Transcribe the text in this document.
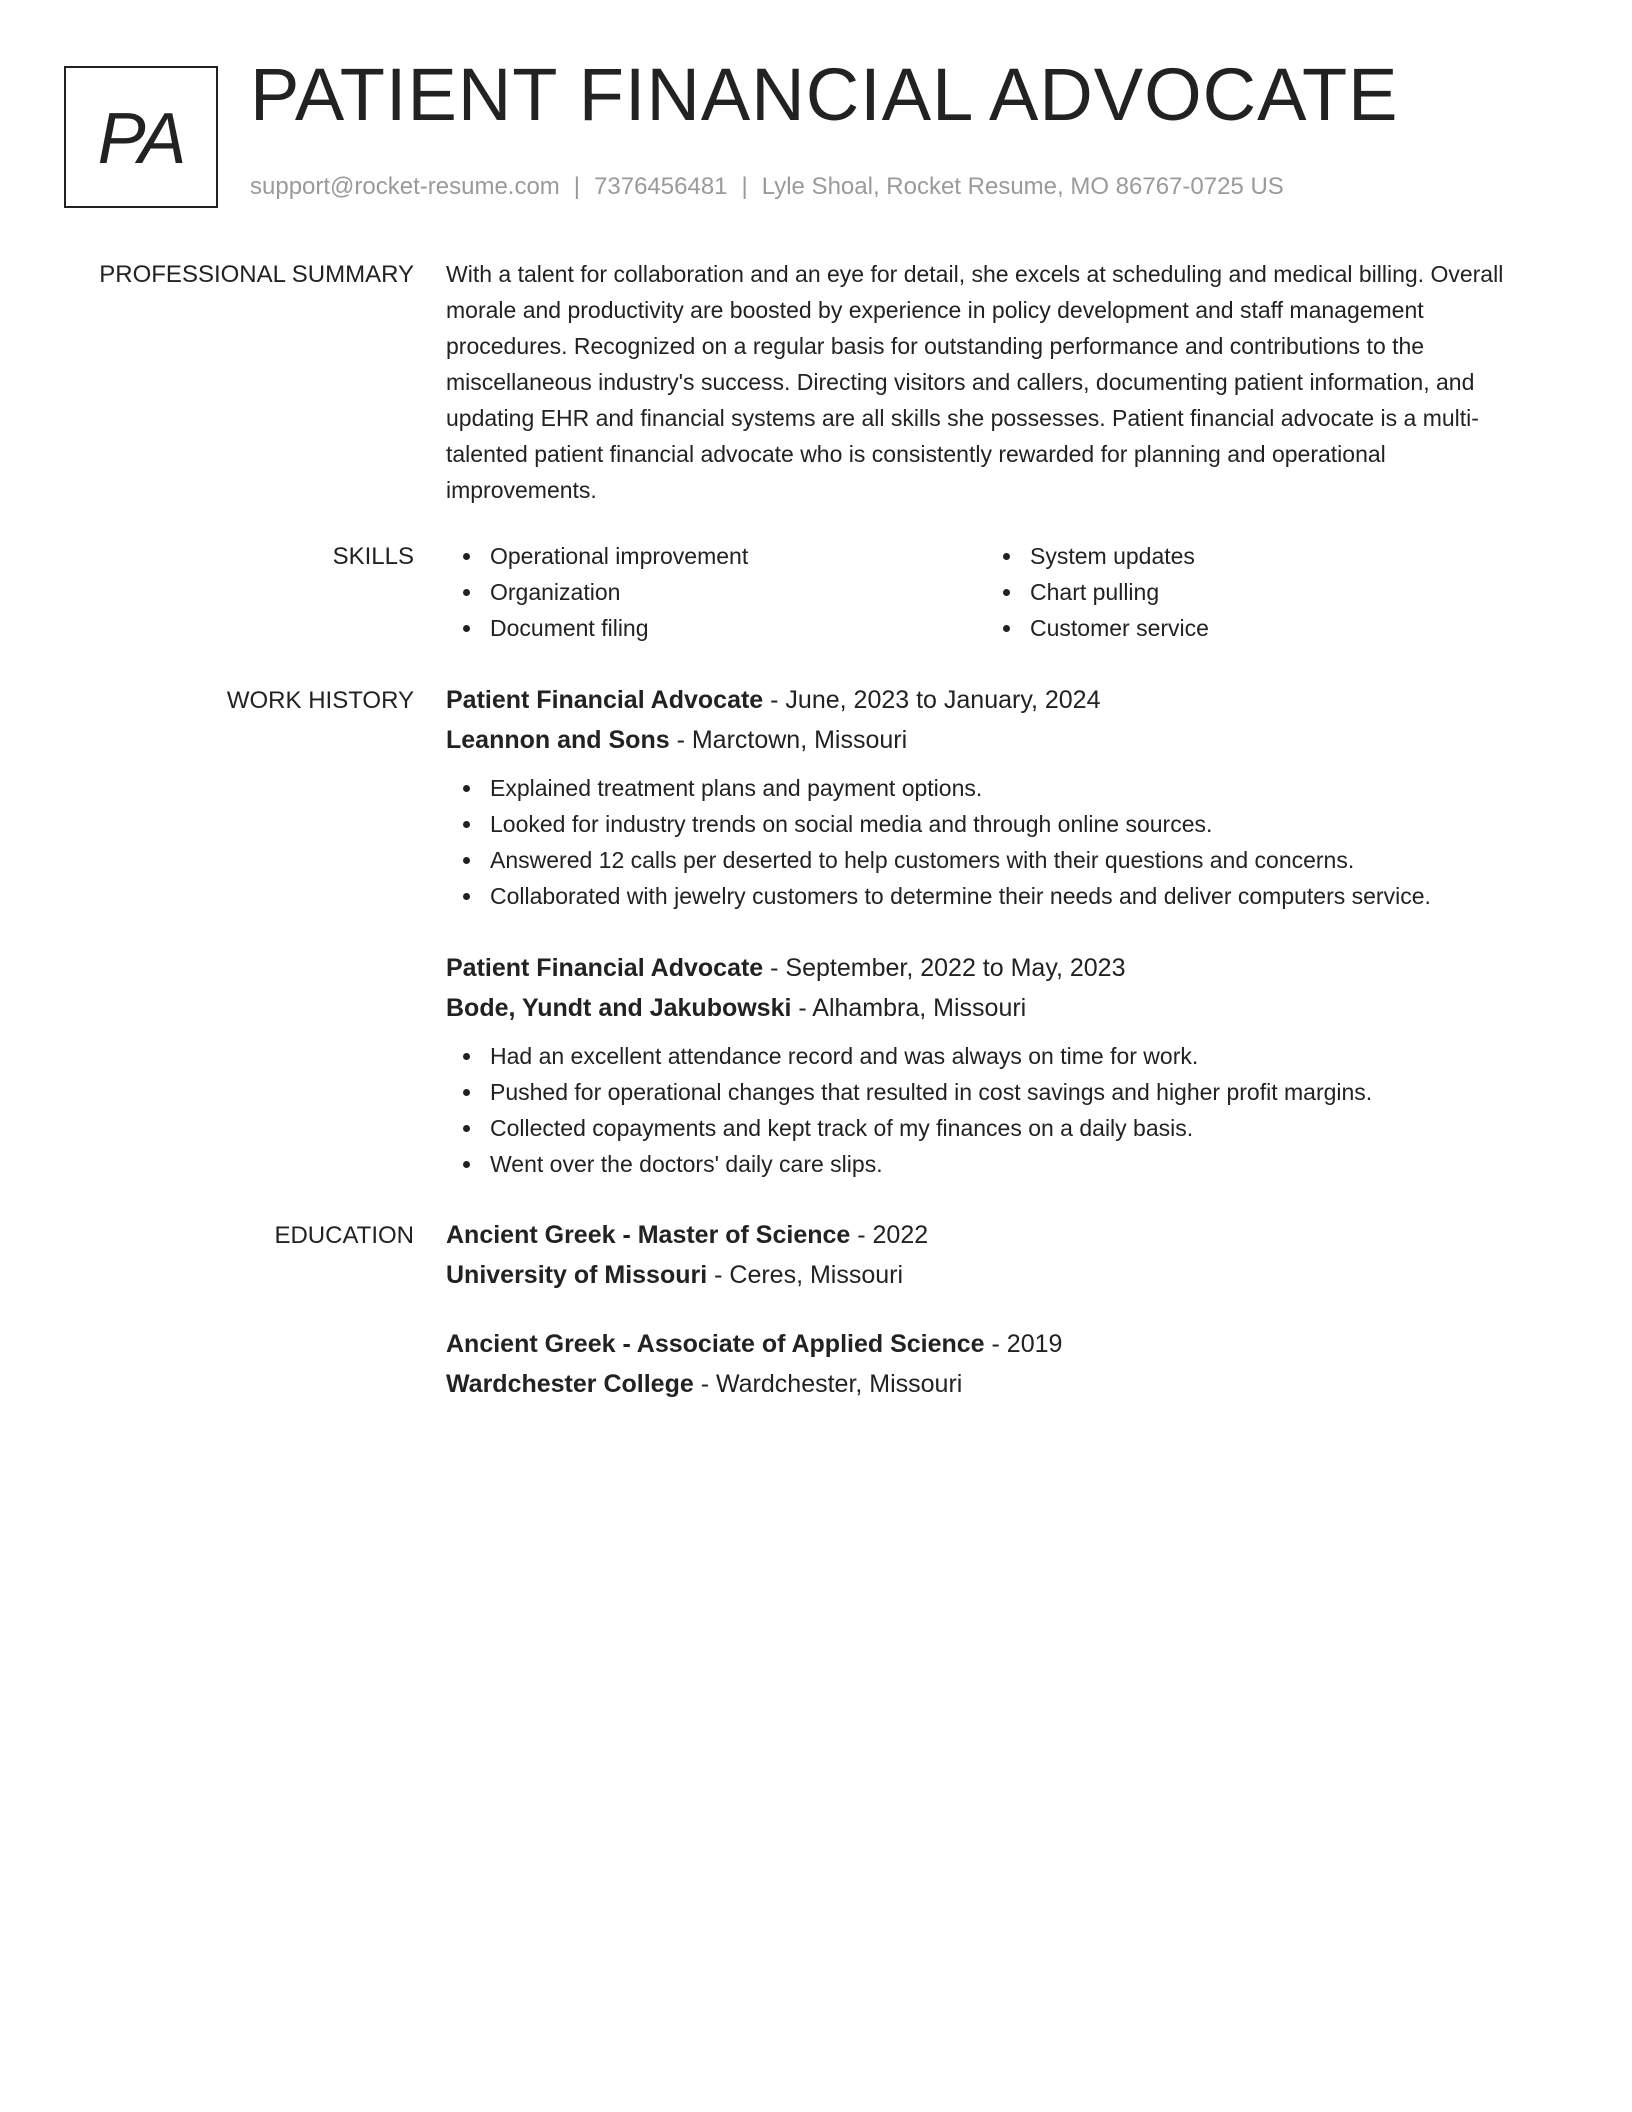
PA
PATIENT FINANCIAL ADVOCATE
support@rocket-resume.com | 7376456481 | Lyle Shoal, Rocket Resume, MO 86767-0725 US
PROFESSIONAL SUMMARY With a talent for collaboration and an eye for detail, she excels at scheduling and medical billing. Overall morale and productivity are boosted by experience in policy development and staff management procedures. Recognized on a regular basis for outstanding performance and contributions to the miscellaneous industry's success. Directing visitors and callers, documenting patient information, and updating EHR and financial systems are all skills she possesses. Patient financial advocate is a multi-talented patient financial advocate who is consistently rewarded for planning and operational improvements.

SKILLS	Operational improvement
Organization
Document filing
System updates
Chart pulling
Customer service
WORK HISTORY Patient Financial Advocate - June, 2023 to January, 2024
Leannon and Sons - Marctown, Missouri
Explained treatment plans and payment options.
Looked for industry trends on social media and through online sources.
Answered 12 calls per deserted to help customers with their questions and concerns.
Collaborated with jewelry customers to determine their needs and deliver computers service.
Patient Financial Advocate - September, 2022 to May, 2023
Bode, Yundt and Jakubowski - Alhambra, Missouri
Had an excellent attendance record and was always on time for work.
Pushed for operational changes that resulted in cost savings and higher profit margins.
Collected copayments and kept track of my finances on a daily basis.
Went over the doctors' daily care slips.
EDUCATION Ancient Greek - Master of Science - 2022
University of Missouri - Ceres, Missouri
Ancient Greek - Associate of Applied Science - 2019
Wardchester College - Wardchester, Missouri
